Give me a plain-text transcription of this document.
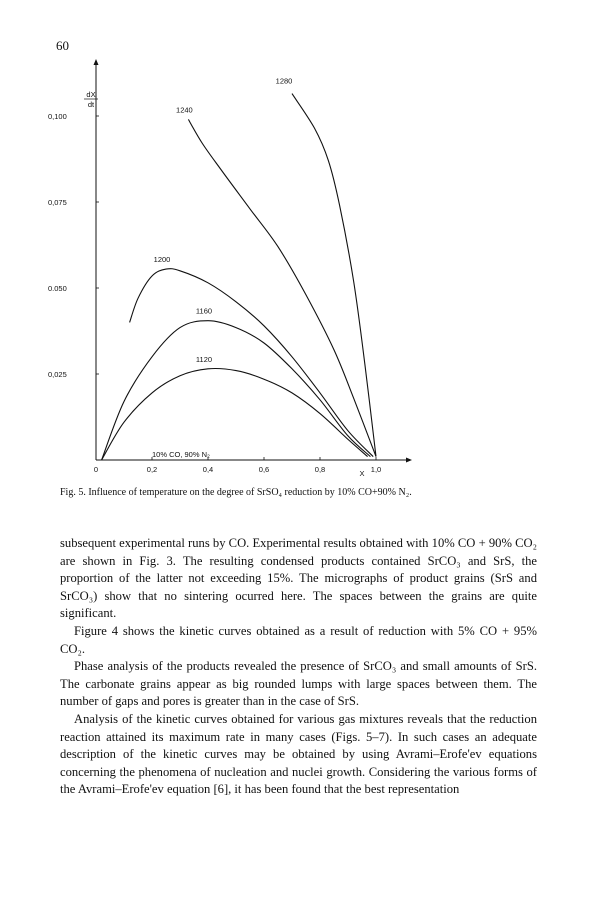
60
0	0,2	0,4	0,6	0,8	1,0
0,025
0.050
0,075
0,100
1120
1160
1200
1240
1280
dX
dt
X
10% CO, 90% N₂
Fig. 5. Influence of temperature on the degree of SrSO₄ reduction by 10% CO+90% N₂.

subsequent experimental runs by CO. Experimental results obtained with 10% CO + 90% CO₂ are shown in Fig. 3. The resulting condensed products contained SrCO₃ and SrS, the proportion of the latter not exceeding 15%. The micrographs of product grains (SrS and SrCO₃) show that no sintering ocurred here. The spaces between the grains are quite significant.

Figure 4 shows the kinetic curves obtained as a result of reduction with 5% CO + 95% CO₂.

Phase analysis of the products revealed the presence of SrCO₃ and small amounts of SrS. The carbonate grains appear as big rounded lumps with large spaces between them. The number of gaps and pores is greater than in the case of SrS.

Analysis of the kinetic curves obtained for various gas mixtures reveals that the reduction reaction attained its maximum rate in many cases (Figs. 5–7). In such cases an adequate description of the kinetic curves may be obtained by using Avrami–Erofe'ev equations concerning the phenomena of nucleation and nuclei growth. Considering the various forms of the Avrami–Erofe'ev equation [6], it has been found that the best representation
